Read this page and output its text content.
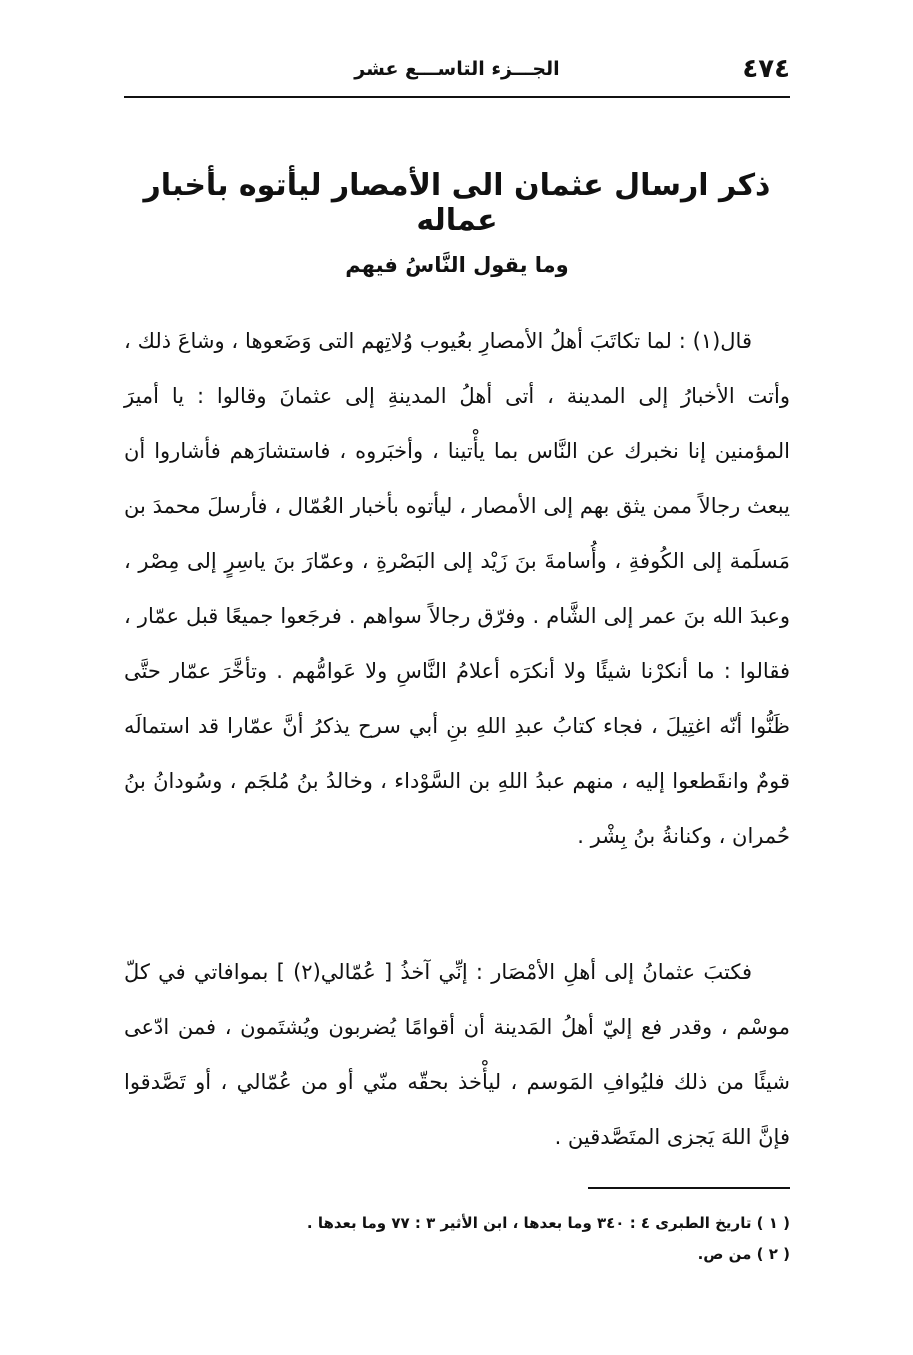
٤٧٤
الجـــزء التاســـع عشر
ذكر ارسال عثمان الى الأمصار ليأتوه بأخبار عماله
وما يقول النَّاسُ فيهم

قال(١) : لما تكاتَبَ أهلُ الأمصارِ بعُيوب وُلاتِهم التى وَضَعوها ، وشاعَ ذلك ، وأتت الأخبارُ إلى المدينة ، أتى أهلُ المدينةِ إلى عثمانَ وقالوا : يا أميرَ المؤمنين إنا نخبرك عن النَّاس بما يأْتينا ، وأخبَروه ، فاستشارَهم فأشاروا أن يبعث رجالاً ممن يثق بهم إلى الأمصار ، ليأتوه بأخبار العُمّال ، فأرسلَ محمدَ بن مَسلَمة إلى الكُوفةِ ، وأُسامةَ بنَ زَيْد إلى البَصْرةِ ، وعمّارَ بنَ ياسِرٍ إلى مِصْر ، وعبدَ الله بنَ عمر إلى الشَّام . وفرّق رجالاً سواهم . فرجَعوا جميعًا قبل عمّار ، فقالوا : ما أنكرْنا شيئًا ولا أنكرَه أعلامُ النَّاسِ ولا عَوامُّهم . وتأخَّرَ عمّار حتَّى ظَنُّوا أنّه اغتِيلَ ، فجاء كتابُ عبدِ اللهِ بنِ أبي سرح يذكرُ أنَّ عمّارا قد استمالَه قومٌ وانقَطعوا إليه ، منهم عبدُ اللهِ بن السَّوْداء ، وخالدُ بنُ مُلجَم ، وسُودانُ بنُ حُمران ، وكنانةُ بنُ بِشْر .

فكتبَ عثمانُ إلى أهلِ الأمْصَار : إنِّي آخذُ [ عُمّالي(٢) ] بموافاتي في كلّ موسْم ، وقدر فع إليّ أهلُ المَدينة أن أقوامًا يُضربون ويُشتَمون ، فمن ادّعى شيئًا من ذلك فليُوافِ المَوسم ، ليأْخذ بحقّه منّي أو من عُمّالي ، أو تَصَّدقوا فإنَّ اللهَ يَجزى المتَصَّدقين .

( ١ ) تاريخ الطبرى ٤ : ٣٤٠ وما بعدها ، ابن الأثير ٣ : ٧٧ وما بعدها .
( ٢ ) من ص.
